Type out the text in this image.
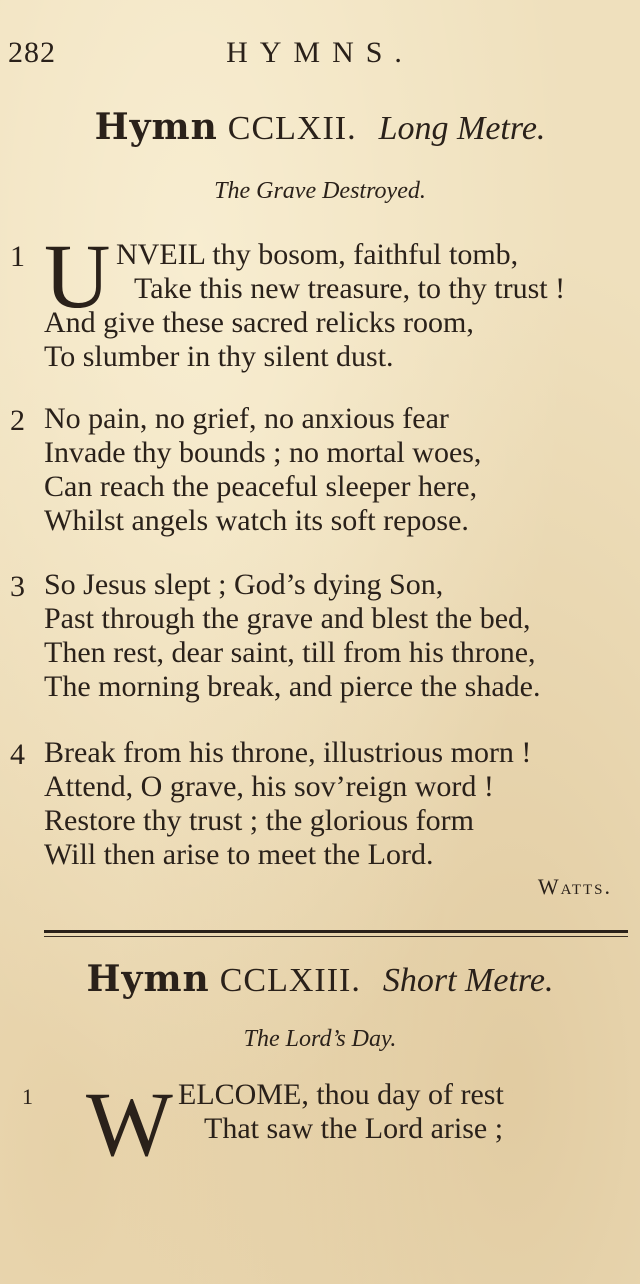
282	HYMNS.
Hymn CCLXII. Long Metre.
The Grave Destroyed.
1 U NVEIL thy bosom, faithful tomb,
Take this new treasure, to thy trust !
And give these sacred relicks room,
To slumber in thy silent dust.
2 No pain, no grief, no anxious fear
Invade thy bounds ; no mortal woes,
Can reach the peaceful sleeper here,
Whilst angels watch its soft repose.
3 So Jesus slept ; God’s dying Son,
Past through the grave and blest the bed,
Then rest, dear saint, till from his throne,
The morning break, and pierce the shade.
4 Break from his throne, illustrious morn !
Attend, O grave, his sov’reign word !
Restore thy trust ; the glorious form
Will then arise to meet the Lord.
Watts.
Hymn CCLXIII. Short Metre.
The Lord’s Day.
1 W ELCOME, thou day of rest
That saw the Lord arise ;
